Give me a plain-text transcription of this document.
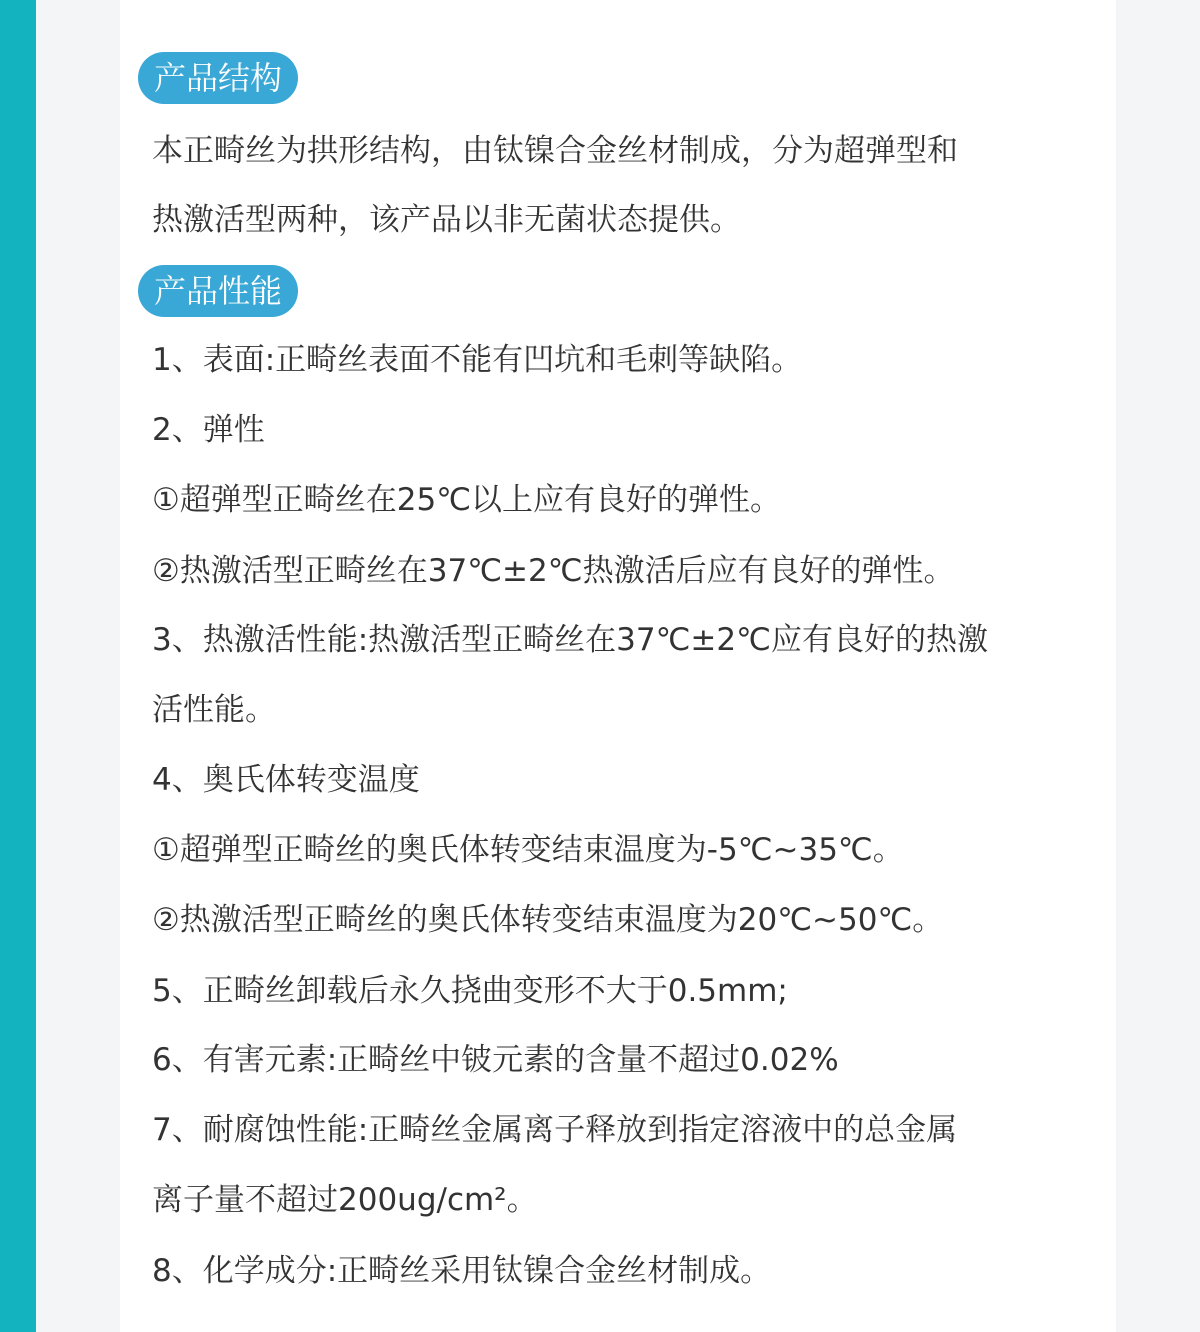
产品结构
本正畸丝为拱形结构，由钛镍合金丝材制成，分为超弹型和
热激活型两种，该产品以非无菌状态提供。
产品性能
1、表面:正畸丝表面不能有凹坑和毛刺等缺陷。
2、弹性
①超弹型正畸丝在25℃以上应有良好的弹性。
②热激活型正畸丝在37℃±2℃热激活后应有良好的弹性。
3、热激活性能:热激活型正畸丝在37℃±2℃应有良好的热激
活性能。
4、奥氏体转变温度
①超弹型正畸丝的奥氏体转变结束温度为-5℃~35℃。
②热激活型正畸丝的奥氏体转变结束温度为20℃~50℃。
5、正畸丝卸载后永久挠曲变形不大于0.5mm;
6、有害元素:正畸丝中铍元素的含量不超过0.02%
7、耐腐蚀性能:正畸丝金属离子释放到指定溶液中的总金属
离子量不超过200ug/cm²。
8、化学成分:正畸丝采用钛镍合金丝材制成。
